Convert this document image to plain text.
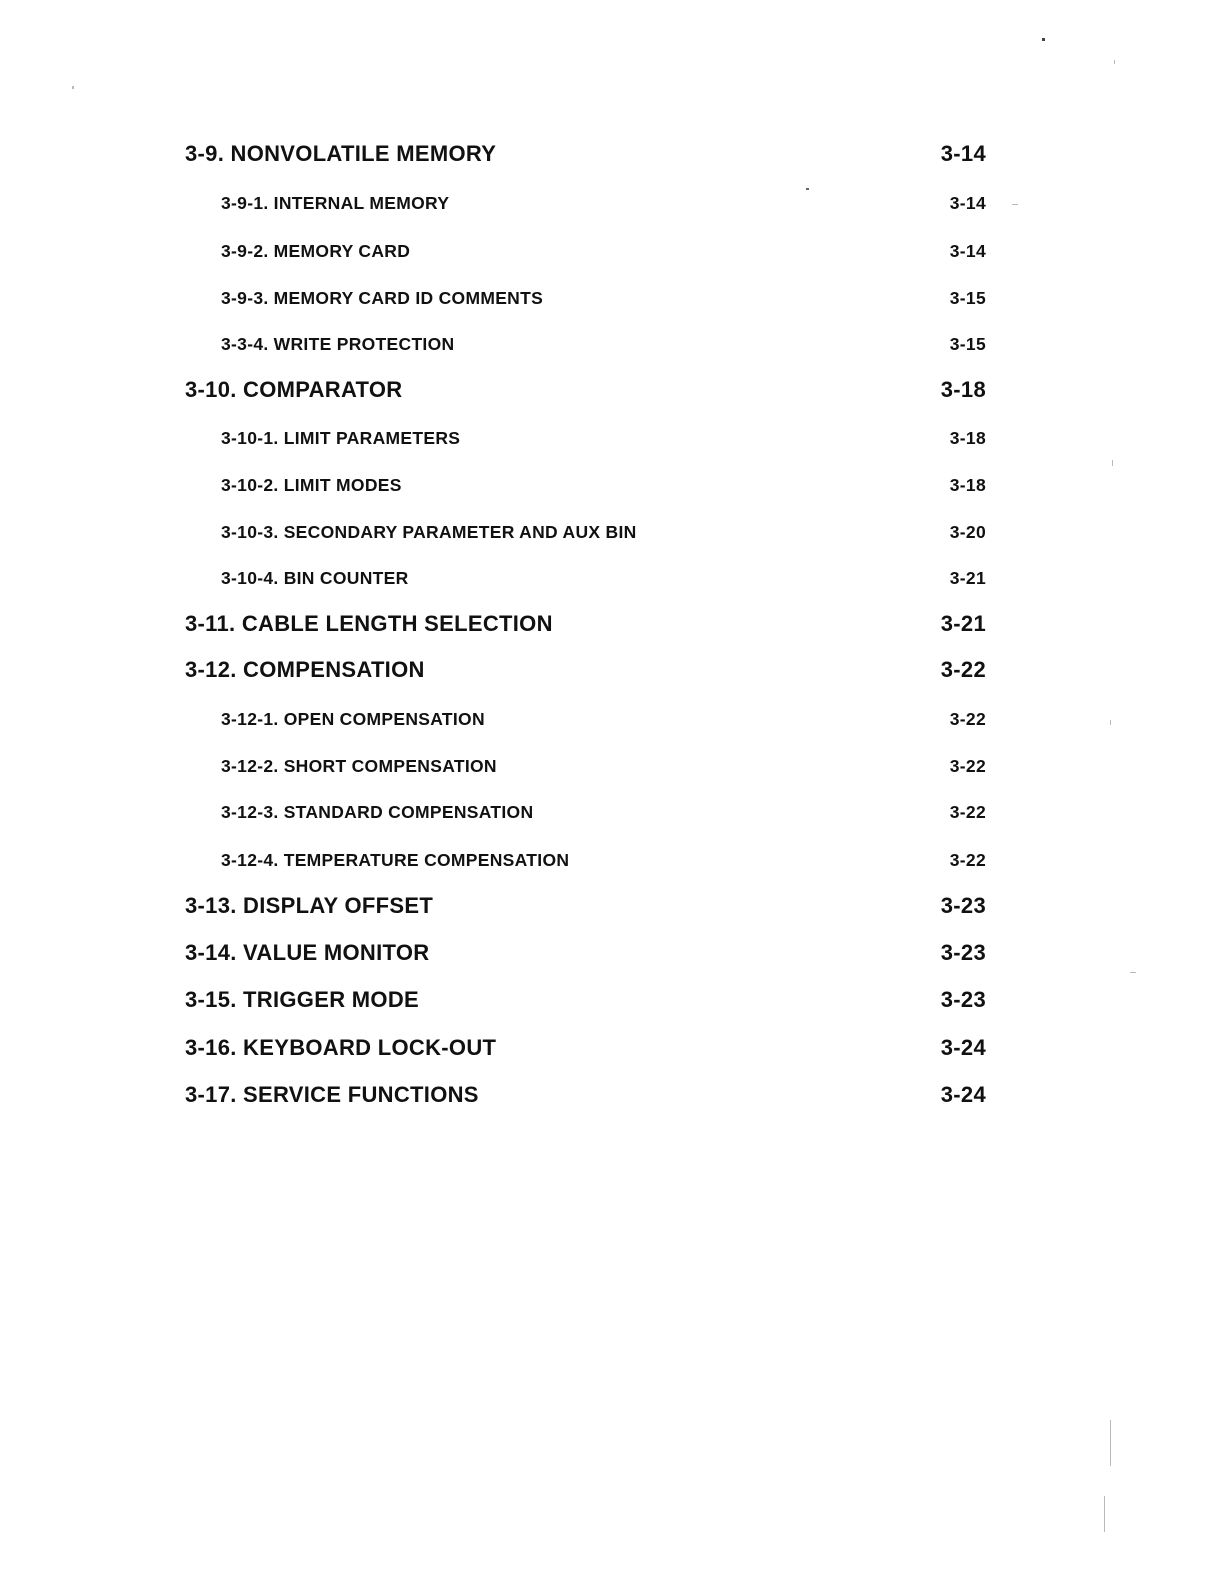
3-9. NONVOLATILE MEMORY	3-14
3-9-1. INTERNAL MEMORY	3-14
3-9-2. MEMORY CARD	3-14
3-9-3. MEMORY CARD ID COMMENTS	3-15
3-3-4. WRITE PROTECTION	3-15
3-10. COMPARATOR	3-18
3-10-1. LIMIT PARAMETERS	3-18
3-10-2. LIMIT MODES	3-18
3-10-3. SECONDARY PARAMETER AND AUX BIN	3-20
3-10-4. BIN COUNTER	3-21
3-11. CABLE LENGTH SELECTION	3-21
3-12. COMPENSATION	3-22
3-12-1. OPEN COMPENSATION	3-22
3-12-2. SHORT COMPENSATION	3-22
3-12-3. STANDARD COMPENSATION	3-22
3-12-4. TEMPERATURE COMPENSATION	3-22
3-13. DISPLAY OFFSET	3-23
3-14. VALUE MONITOR	3-23
3-15. TRIGGER MODE	3-23
3-16. KEYBOARD LOCK-OUT	3-24
3-17. SERVICE FUNCTIONS	3-24
